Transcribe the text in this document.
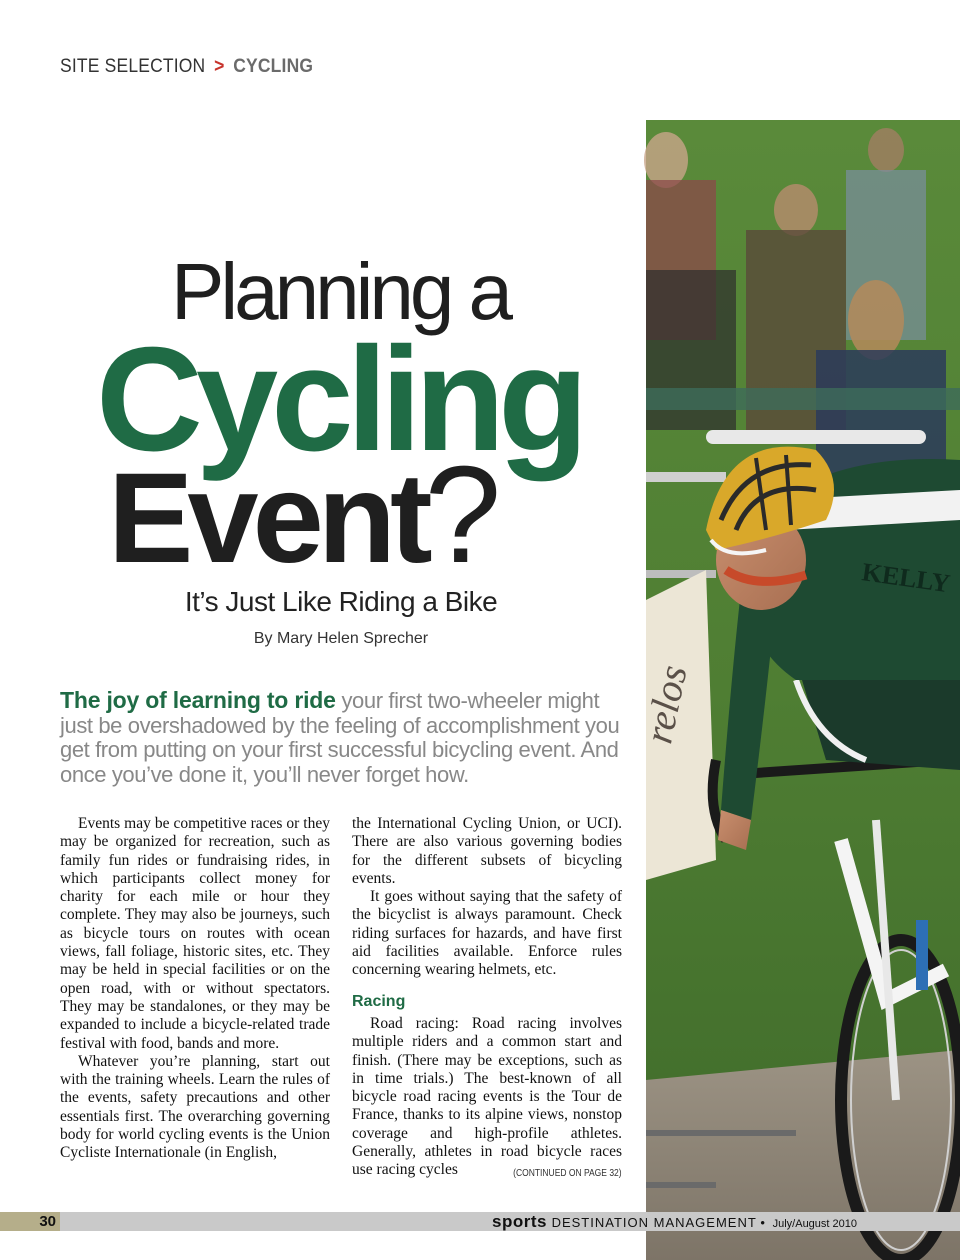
SITE SELECTION > CYCLING
relos
KELLY
Planning a
Cycling
Event?
It’s Just Like Riding a Bike
By Mary Helen Sprecher
The joy of learning to ride your first two-wheeler might just be overshadowed by the feeling of accomplishment you get from putting on your first successful bicycling event. And once you’ve done it, you’ll never forget how.

Events may be competitive races or they may be organized for recreation, such as family fun rides or fundraising rides, in which participants collect money for charity for each mile or hour they complete. They may also be journeys, such as bicycle tours on routes with ocean views, fall foliage, historic sites, etc. They may be held in special facilities or on the open road, with or without spectators. They may be standalones, or they may be expanded to include a bicycle-related trade festival with food, bands and more.

Whatever you’re planning, start out with the training wheels. Learn the rules of the events, safety precautions and other essentials first. The overarching governing body for world cycling events is the Union Cycliste Internationale (in English,

the International Cycling Union, or UCI). There are also various governing bodies for the different subsets of bicycling events.

It goes without saying that the safety of the bicyclist is always paramount. Check riding surfaces for hazards, and have first aid facilities available. Enforce rules concerning wearing helmets, etc.

Racing

Road racing: Road racing involves multiple riders and a common start and finish. (There may be exceptions, such as in time trials.) The best-known of all bicycle road racing events is the Tour de France, thanks to its alpine views, nonstop coverage and high-profile athletes. Generally, athletes in road bicycle races use racing cycles	(CONTINUED ON PAGE 32)

30	sports DESTINATION MANAGEMENT • July/August 2010
